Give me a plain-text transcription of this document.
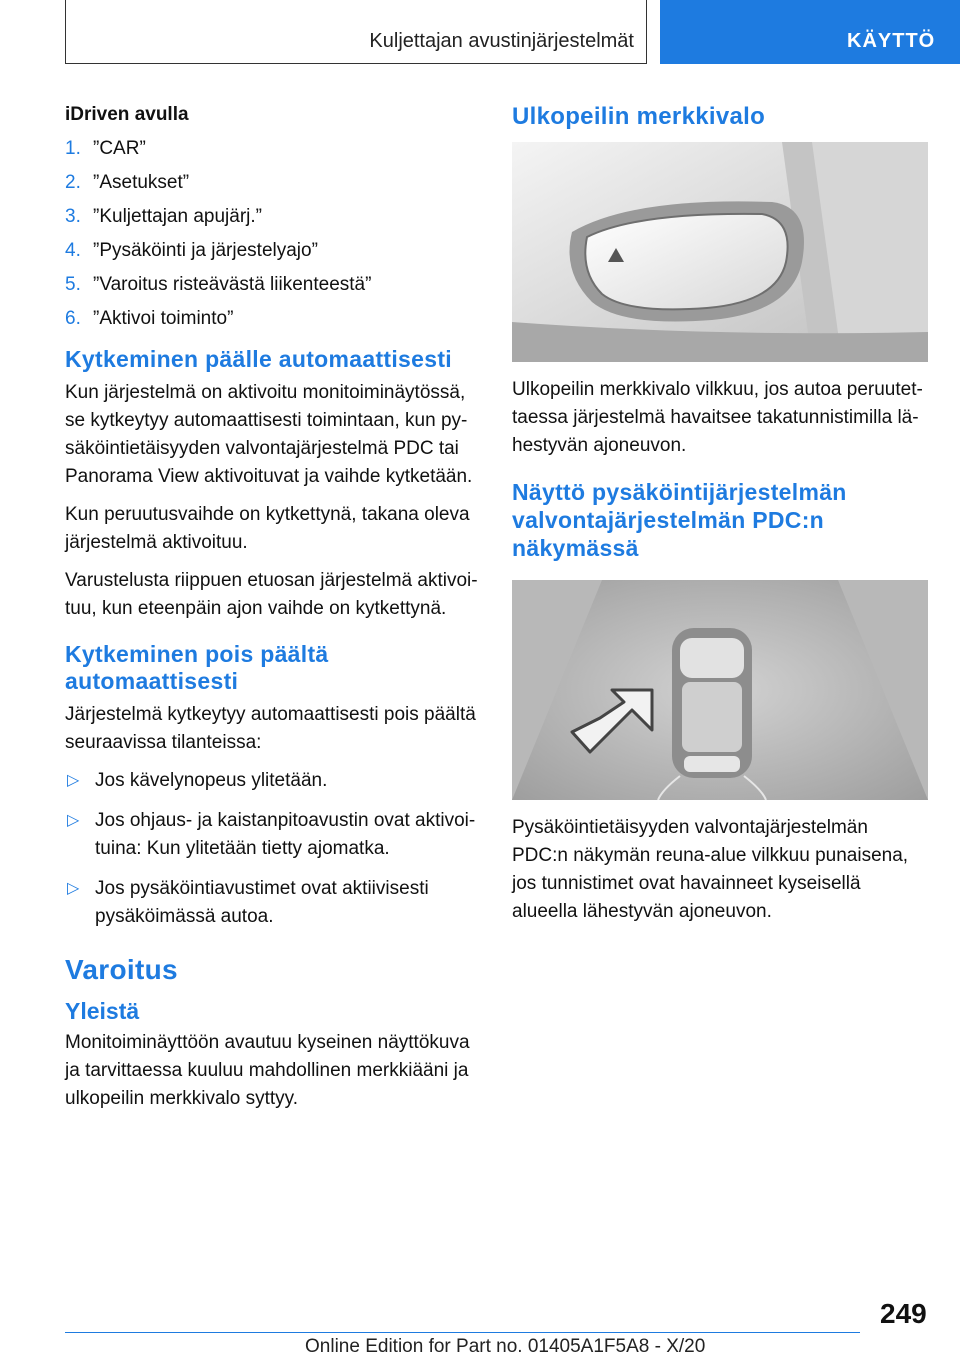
Kuljettajan avustinjärjestelmät	KÄYTTÖ

iDriven avulla

1. ”CAR”
2. ”Asetukset”
3. ”Kuljettajan apujärj.”
4. ”Pysäköinti ja järjestelyajo”
5. ”Varoitus risteävästä liikenteestä”
6. ”Aktivoi toiminto”
Kytkeminen päälle automaattisesti

Kun järjestelmä on aktivoitu monitoiminäytössä, se kytkeytyy automaattisesti toimintaan, kun pysäköintietäisyyden valvontajärjestelmä PDC tai Panorama View aktivoituvat ja vaihde kytketään.

Kun peruutusvaihde on kytkettynä, takana oleva järjestelmä aktivoituu.

Varustelusta riippuen etuosan järjestelmä aktivoituu, kun eteenpäin ajon vaihde on kytkettynä.

Kytkeminen pois päältä automaattisesti

Järjestelmä kytkeytyy automaattisesti pois päältä seuraavissa tilanteissa:

▷ Jos kävelynopeus ylitetään.
▷ Jos ohjaus- ja kaistanpitoavustin ovat aktivoituina: Kun ylitetään tietty ajomatka.
▷ Jos pysäköintiavustimet ovat aktiivisesti pysäköimässä autoa.
Varoitus
Yleistä

Monitoiminäyttöön avautuu kyseinen näyttökuva ja tarvittaessa kuuluu mahdollinen merkkiääni ja ulkopeilin merkkivalo syttyy.

Ulkopeilin merkkivalo

Ulkopeilin merkkivalo vilkkuu, jos autoa peruutettaessa järjestelmä havaitsee takatunnistimilla lähestyvän ajoneuvon.

Näyttö pysäköintijärjestelmän valvontajärjestelmän PDC:n näkymässä

Pysäköintietäisyyden valvontajärjestelmän PDC:n näkymän reuna-alue vilkkuu punaisena, jos tunnistimet ovat havainneet kyseisellä alueella lähestyvän ajoneuvon.

249
Online Edition for Part no. 01405A1F5A8 - X/20
